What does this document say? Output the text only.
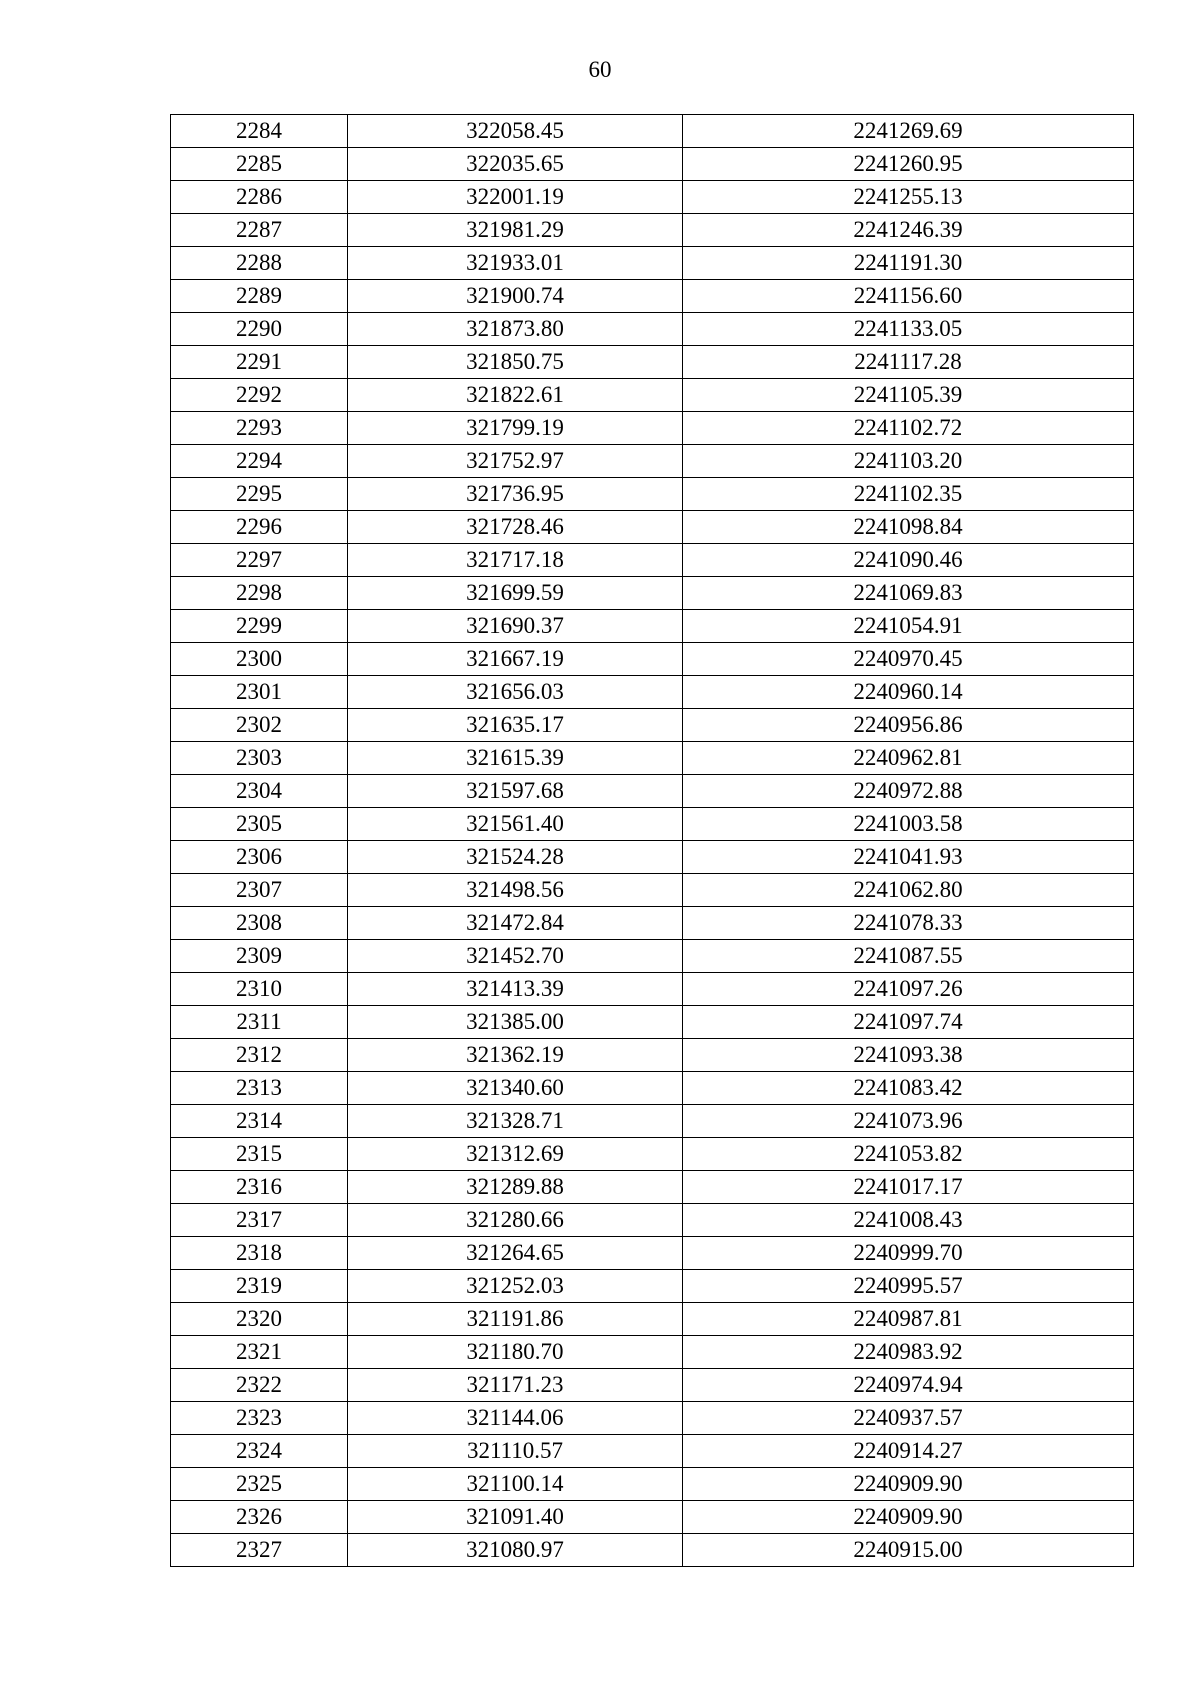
60
2284	322058.45	2241269.69
2285	322035.65	2241260.95
2286	322001.19	2241255.13
2287	321981.29	2241246.39
2288	321933.01	2241191.30
2289	321900.74	2241156.60
2290	321873.80	2241133.05
2291	321850.75	2241117.28
2292	321822.61	2241105.39
2293	321799.19	2241102.72
2294	321752.97	2241103.20
2295	321736.95	2241102.35
2296	321728.46	2241098.84
2297	321717.18	2241090.46
2298	321699.59	2241069.83
2299	321690.37	2241054.91
2300	321667.19	2240970.45
2301	321656.03	2240960.14
2302	321635.17	2240956.86
2303	321615.39	2240962.81
2304	321597.68	2240972.88
2305	321561.40	2241003.58
2306	321524.28	2241041.93
2307	321498.56	2241062.80
2308	321472.84	2241078.33
2309	321452.70	2241087.55
2310	321413.39	2241097.26
2311	321385.00	2241097.74
2312	321362.19	2241093.38
2313	321340.60	2241083.42
2314	321328.71	2241073.96
2315	321312.69	2241053.82
2316	321289.88	2241017.17
2317	321280.66	2241008.43
2318	321264.65	2240999.70
2319	321252.03	2240995.57
2320	321191.86	2240987.81
2321	321180.70	2240983.92
2322	321171.23	2240974.94
2323	321144.06	2240937.57
2324	321110.57	2240914.27
2325	321100.14	2240909.90
2326	321091.40	2240909.90
2327	321080.97	2240915.00
